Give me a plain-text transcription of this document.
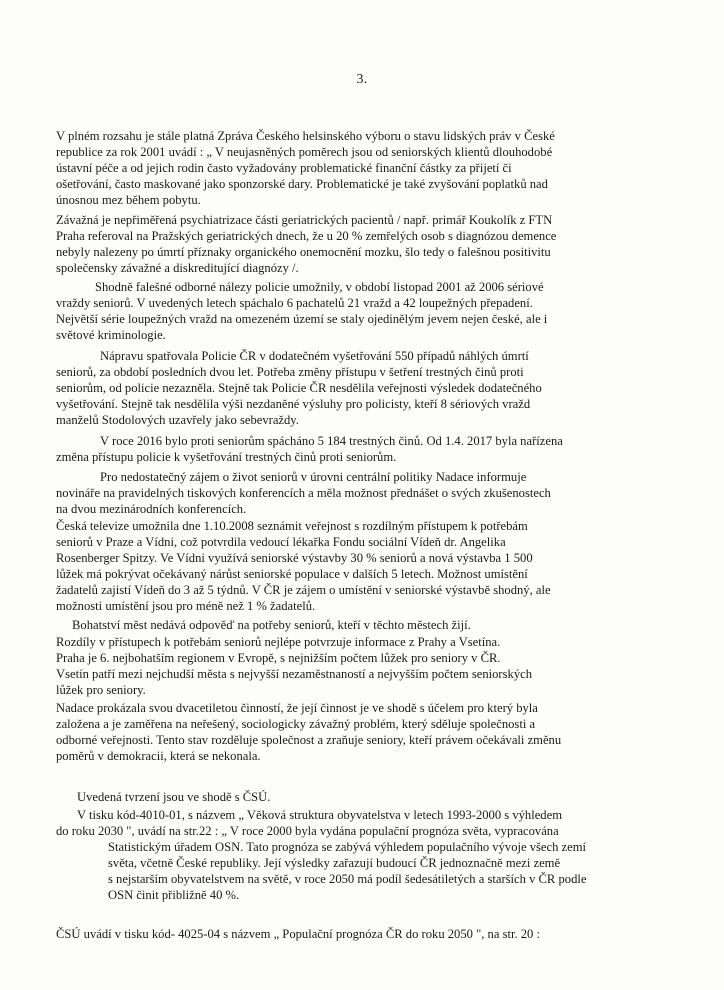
3.
V plném rozsahu je stále platná Zpráva Českého helsinského výboru o stavu lidských práv v České
republice za rok 2001 uvádí : „ V neujasněných poměrech jsou od seniorských klientů dlouhodobé
ústavní péče a od jejich rodin často vyžadovány problematické finanční částky za přijetí či
ošetřování, často maskované jako sponzorské dary. Problematické je také zvyšování poplatků nad
únosnou mez během pobytu.
Závažná je nepřiměřená psychiatrizace části geriatrických pacientů / např. primář Koukolík z FTN
Praha referoval na Pražských geriatrických dnech, že u 20 % zemřelých osob s diagnózou demence
nebyly nalezeny po úmrtí příznaky organického onemocnění mozku, šlo tedy o falešnou positivitu
společensky závažné a diskreditující diagnózy /.
Shodně falešné odborné nálezy policie umožnily, v období listopad 2001 až 2006 sériové
vraždy seniorů. V uvedených letech spáchalo 6 pachatelů 21 vražd a 42 loupežných přepadení.
Největší série loupežných vražd na omezeném území se staly ojedinělým jevem nejen české, ale i
světové kriminologie.
Nápravu spatřovala Policie ČR v dodatečném vyšetřování 550 případů náhlých úmrtí
seniorů, za období posledních dvou let. Potřeba změny přístupu v šetření trestných činů proti
seniorům, od policie nezazněla. Stejně tak Policie ČR nesdělila veřejnosti výsledek dodatečného
vyšetřování. Stejně tak nesdělila výši nezdaněné výsluhy pro policisty, kteří 8 sériových vražd
manželů Stodolových uzavřely jako sebevraždy.
V roce 2016 bylo proti seniorům spácháno 5 184 trestných činů. Od 1.4. 2017 byla nařízena
změna přístupu policie k vyšetřování trestných činů proti seniorům.
Pro nedostatečný zájem o život seniorů v úrovni centrální politiky Nadace informuje
novináře na pravidelných tiskových konferencích a měla možnost přednášet o svých zkušenostech
na dvou mezinárodních konferencích.
Česká televize umožnila dne 1.10.2008 seznámit veřejnost s rozdílným přístupem k potřebám
seniorů v Praze a Vídni, což potvrdila vedoucí lékařka Fondu sociální Vídeň dr. Angelika
Rosenberger Spitzy. Ve Vídni využívá seniorské výstavby 30 % seniorů a nová výstavba 1 500
lůžek má pokrývat očekávaný nárůst seniorské populace v dalších 5 letech. Možnost umístění
žadatelů zajistí Vídeň do 3 až 5 týdnů. V ČR je zájem o umístění v seniorské výstavbě shodný, ale
možnosti umístění jsou pro méně než 1 % žadatelů.
Bohatství měst nedává odpověď na potřeby seniorů, kteří v těchto městech žijí.
Rozdíly v přístupech k potřebám seniorů nejlépe potvrzuje informace z Prahy a Vsetína.
Praha je 6. nejbohatším regionem v Evropě, s nejnižším počtem lůžek pro seniory v ČR.
Vsetín patří mezi nejchudší města s nejvyšší nezaměstnaností a nejvyšším počtem seniorských
lůžek pro seniory.
Nadace prokázala svou dvacetiletou činností, že její činnost je ve shodě s účelem pro který byla
založena a je zaměřena na neřešený, sociologicky závažný problém, který sděluje společnosti a
odborné veřejnosti. Tento stav rozděluje společnost a zraňuje seniory, kteří právem očekávali změnu
poměrů v demokracii, která se nekonala.
Uvedená tvrzení jsou ve shodě s ČSÚ.
V tisku kód-4010-01, s názvem „ Věková struktura obyvatelstva v letech 1993-2000 s výhledem
do roku 2030 ", uvádí na str.22 : „ V roce 2000 byla vydána populační prognóza světa, vypracována
Statistickým úřadem OSN. Tato prognóza se zabývá výhledem populačního vývoje všech zemí
světa, včetně České republiky. Její výsledky zařazují budoucí ČR jednoznačně mezi země
s nejstarším obyvatelstvem na světě, v roce 2050 má podíl šedesátiletých a starších v ČR podle
OSN činit přibližně 40 %.
ČSÚ uvádí v tisku kód- 4025-04 s názvem „ Populační prognóza ČR do roku 2050 ", na str. 20 :
